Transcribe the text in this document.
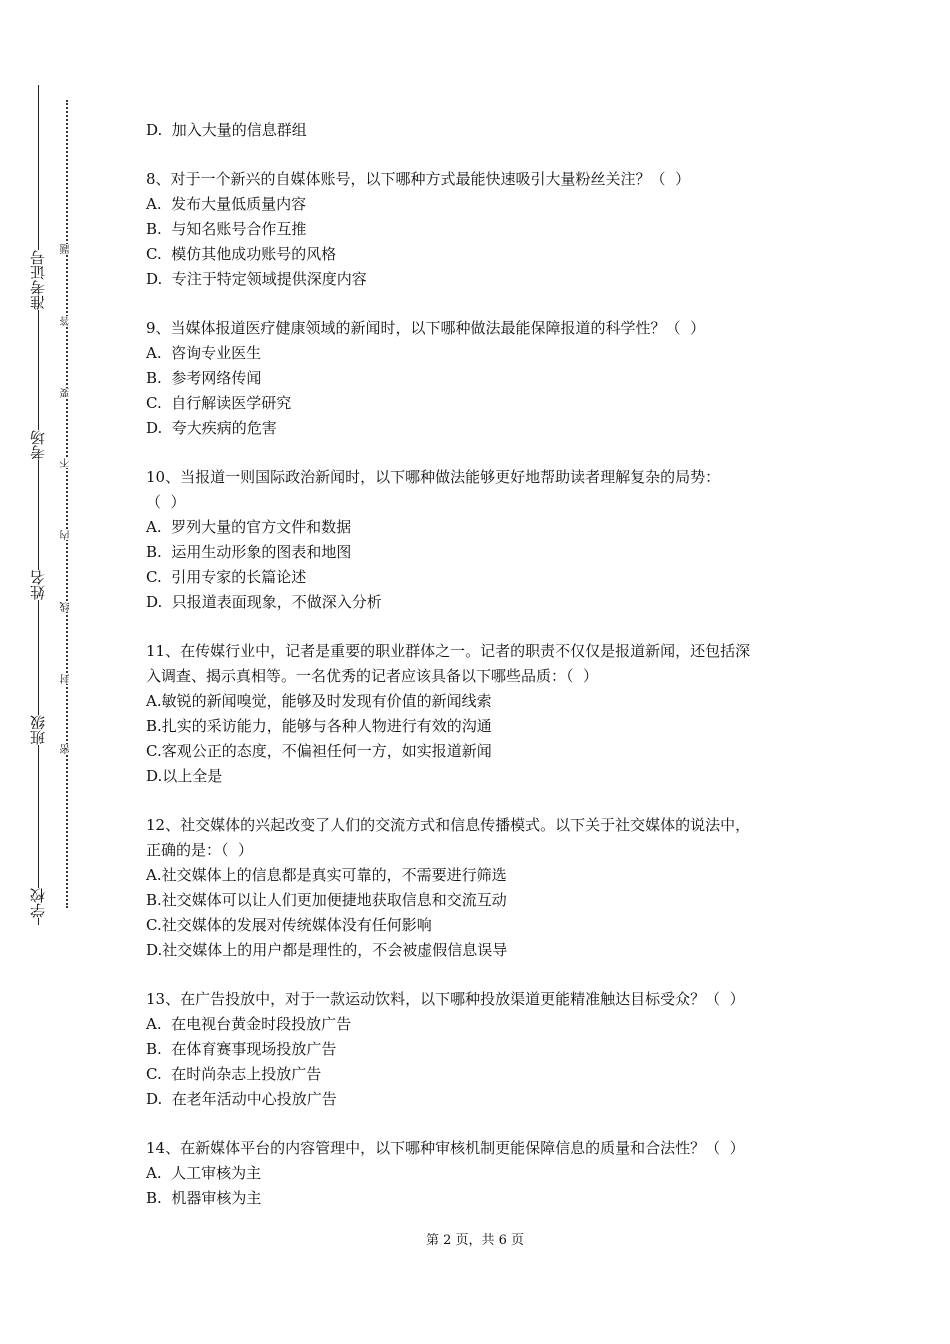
准考证号
考场
姓名
班级
学校
题
答
要
不
内
线
封
密
D.  加入大量的信息群组
8、对于一个新兴的自媒体账号，以下哪种方式最能快速吸引大量粉丝关注？（  ）
A.  发布大量低质量内容
B.  与知名账号合作互推
C.  模仿其他成功账号的风格
D.  专注于特定领域提供深度内容
9、当媒体报道医疗健康领域的新闻时，以下哪种做法最能保障报道的科学性？（  ）
A.  咨询专业医生
B.  参考网络传闻
C.  自行解读医学研究
D.  夸大疾病的危害
10、当报道一则国际政治新闻时，以下哪种做法能够更好地帮助读者理解复杂的局势：
（  ）
A.  罗列大量的官方文件和数据
B.  运用生动形象的图表和地图
C.  引用专家的长篇论述
D.  只报道表面现象，不做深入分析
11、在传媒行业中，记者是重要的职业群体之一。记者的职责不仅仅是报道新闻，还包括深
入调查、揭示真相等。一名优秀的记者应该具备以下哪些品质：（  ）
A.敏锐的新闻嗅觉，能够及时发现有价值的新闻线索
B.扎实的采访能力，能够与各种人物进行有效的沟通
C.客观公正的态度，不偏袒任何一方，如实报道新闻
D.以上全是
12、社交媒体的兴起改变了人们的交流方式和信息传播模式。以下关于社交媒体的说法中，
正确的是：（  ）
A.社交媒体上的信息都是真实可靠的，不需要进行筛选
B.社交媒体可以让人们更加便捷地获取信息和交流互动
C.社交媒体的发展对传统媒体没有任何影响
D.社交媒体上的用户都是理性的，不会被虚假信息误导
13、在广告投放中，对于一款运动饮料，以下哪种投放渠道更能精准触达目标受众？（  ）
A.  在电视台黄金时段投放广告
B.  在体育赛事现场投放广告
C.  在时尚杂志上投放广告
D.  在老年活动中心投放广告
14、在新媒体平台的内容管理中，以下哪种审核机制更能保障信息的质量和合法性？（  ）
A.  人工审核为主
B.  机器审核为主
第 2 页，共 6 页
